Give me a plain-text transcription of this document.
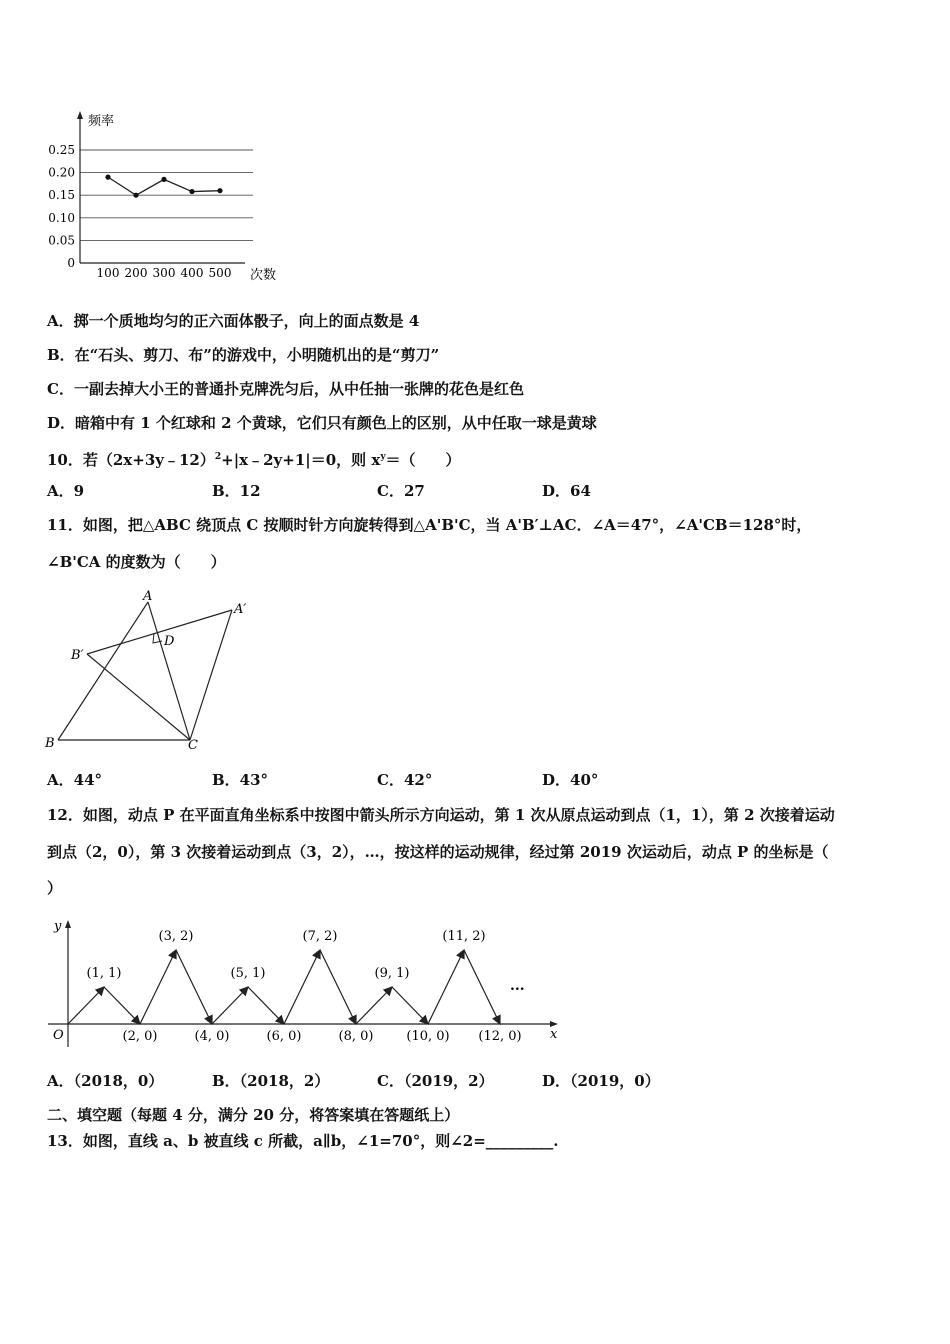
频率
次数
0.25
0.20
0.15
0.10
0.05
0
100 200 300 400 500
A．掷一个质地均匀的正六面体骰子，向上的面点数是 4
B．在“石头、剪刀、布”的游戏中，小明随机出的是“剪刀”
C．一副去掉大小王的普通扑克牌洗匀后，从中任抽一张牌的花色是红色
D．暗箱中有 1 个红球和 2 个黄球，它们只有颜色上的区别，从中任取一球是黄球
10．若（2x+3y﹣12）$^2$+|x﹣2y+1|＝0，则 $x^y=$（　　）
A．9	B．12	C．27	D．64
11．如图，把△ABC 绕顶点 C 按顺时针方向旋转得到△A'B'C，当 A'B′⊥AC．∠A＝47°，∠A'CB＝128°时，
∠B'CA 的度数为（　　）
A
A′
D
B′
B	C
A．44°	B．43°	C．42°	D．40°
12．如图，动点 P 在平面直角坐标系中按图中箭头所示方向运动，第 1 次从原点运动到点（1，1），第 2 次接着运动
到点（2，0），第 3 次接着运动到点（3，2），…，按这样的运动规律，经过第 2019 次运动后，动点 P 的坐标是（
）
y
x
O
(1, 1)
(3, 2)
(5, 1)
(7, 2)
(9, 1)
(11, 2)
(2, 0)	(4, 0)	(6, 0)	(8, 0)	(10, 0) (12, 0)
...
A．（2018，0）	B．（2018，2）	C．（2019，2）	D．（2019，0）
二、填空题（每题 4 分，满分 20 分，将答案填在答题纸上）
13．如图，直线 a、b 被直线 c 所截，a∥b，∠1=70°，则∠2=_________.
